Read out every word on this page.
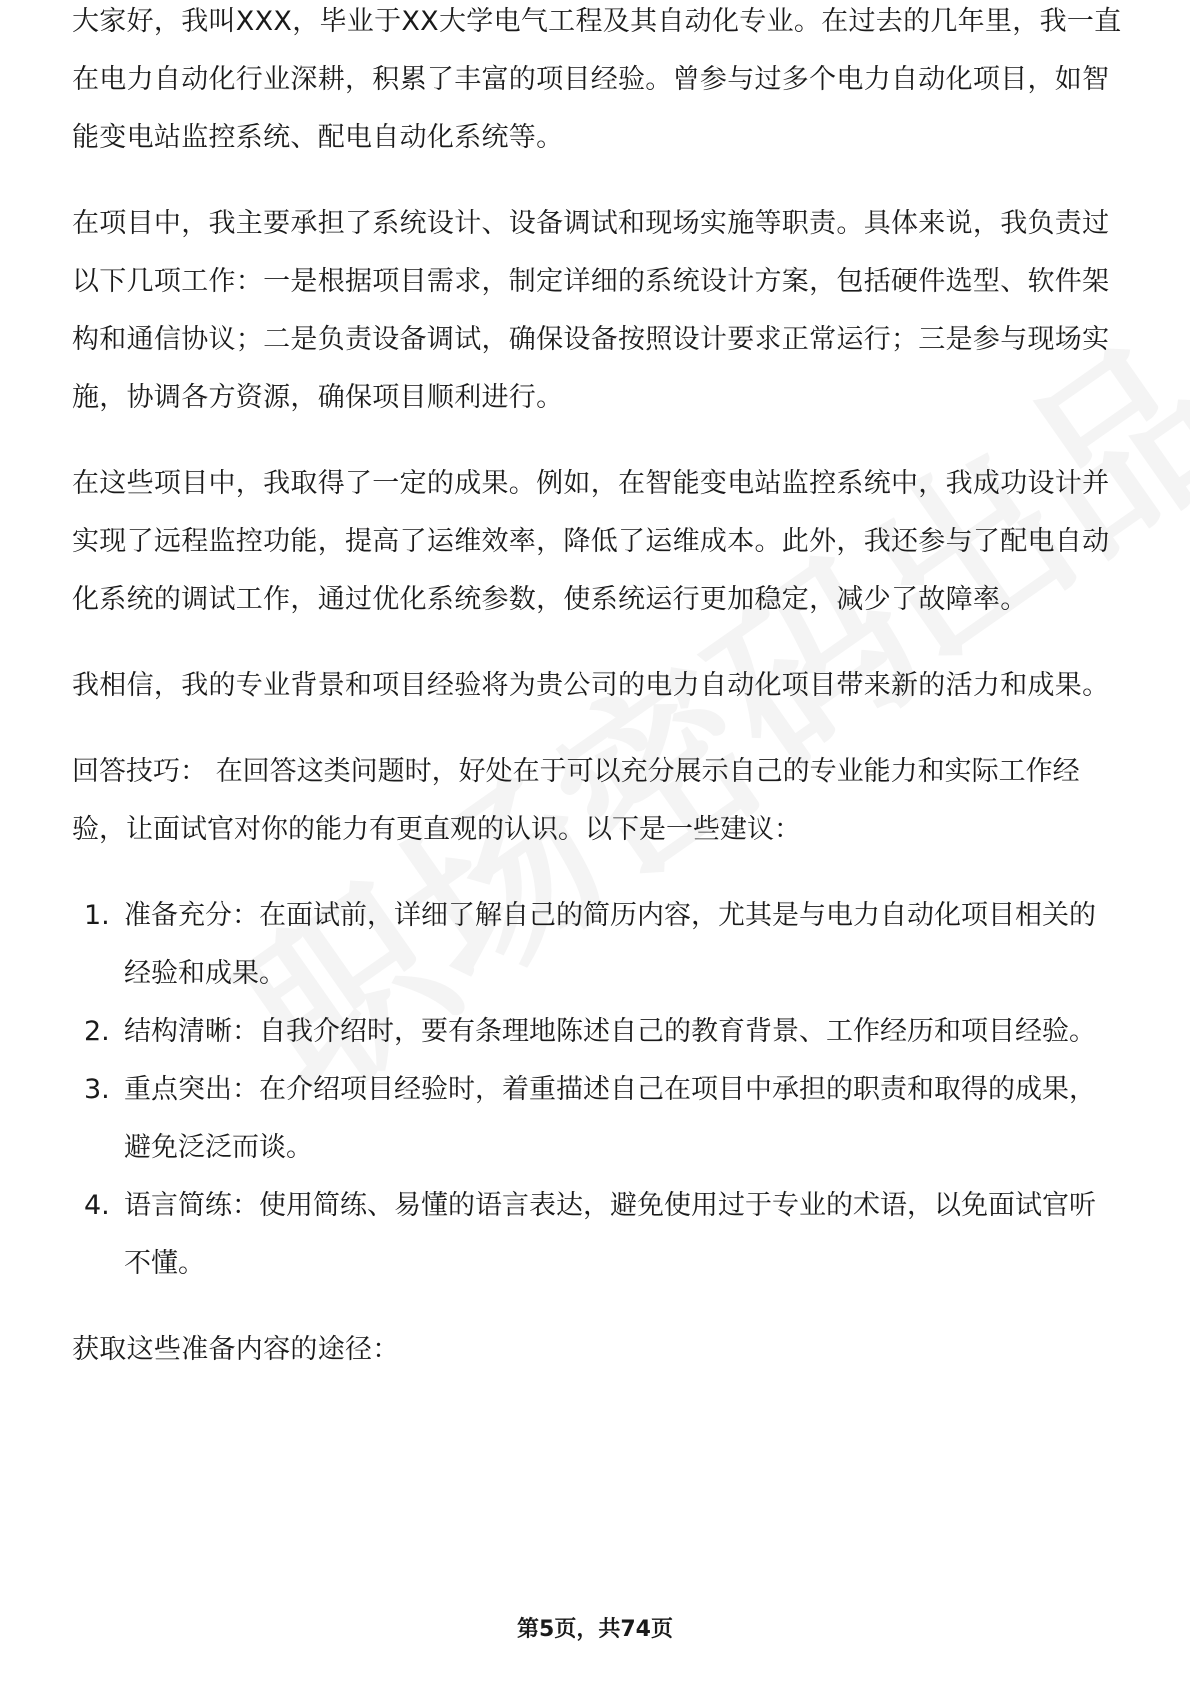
大家好，我叫XXX，毕业于XX大学电气工程及其自动化专业。在过去的几年里，我一直在电力自动化行业深耕，积累了丰富的项目经验。曾参与过多个电力自动化项目，如智能变电站监控系统、配电自动化系统等。

在项目中，我主要承担了系统设计、设备调试和现场实施等职责。具体来说，我负责过以下几项工作：一是根据项目需求，制定详细的系统设计方案，包括硬件选型、软件架构和通信协议；二是负责设备调试，确保设备按照设计要求正常运行；三是参与现场实施，协调各方资源，确保项目顺利进行。

在这些项目中，我取得了一定的成果。例如，在智能变电站监控系统中，我成功设计并实现了远程监控功能，提高了运维效率，降低了运维成本。此外，我还参与了配电自动化系统的调试工作，通过优化系统参数，使系统运行更加稳定，减少了故障率。

我相信，我的专业背景和项目经验将为贵公司的电力自动化项目带来新的活力和成果。

回答技巧： 在回答这类问题时，好处在于可以充分展示自己的专业能力和实际工作经验，让面试官对你的能力有更直观的认识。以下是一些建议：

1. 准备充分：在面试前，详细了解自己的简历内容，尤其是与电力自动化项目相关的经验和成果。
2. 结构清晰：自我介绍时，要有条理地陈述自己的教育背景、工作经历和项目经验。
3. 重点突出：在介绍项目经验时，着重描述自己在项目中承担的职责和取得的成果，避免泛泛而谈。
4. 语言简练：使用简练、易懂的语言表达，避免使用过于专业的术语，以免面试官听不懂。

获取这些准备内容的途径：

第5页，共74页
